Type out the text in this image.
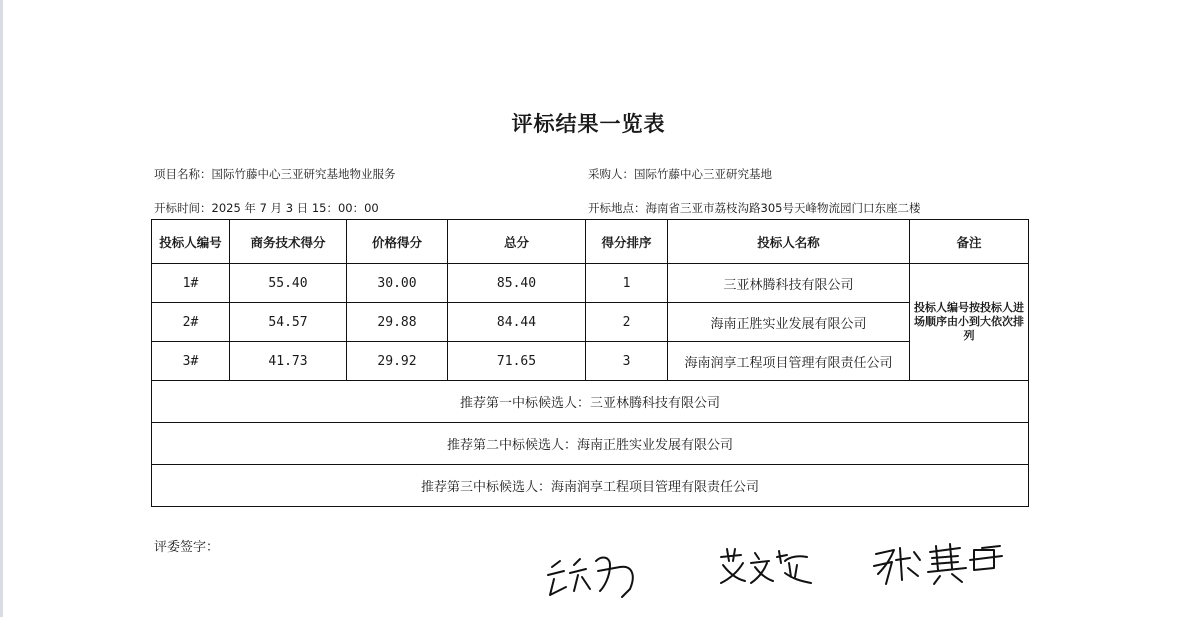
评标结果一览表
项目名称：国际竹藤中心三亚研究基地物业服务	采购人：国际竹藤中心三亚研究基地
开标时间：2025 年 7 月 3 日 15：00：00	开标地点：海南省三亚市荔枝沟路305号天峰物流园门口东座二楼
投标人编号	商务技术得分	价格得分	总分	得分排序	投标人名称	备注
1#	55.40	30.00	85.40	1	三亚林腾科技有限公司	投标人编号按投标人进场顺序由小到大依次排列
2#	54.57	29.88	84.44	2	海南正胜实业发展有限公司	
3#	41.73	29.92	71.65	3	海南润享工程项目管理有限责任公司	
推荐第一中标候选人：三亚林腾科技有限公司						
推荐第二中标候选人：海南正胜实业发展有限公司						
推荐第三中标候选人：海南润享工程项目管理有限责任公司						
评委签字：
